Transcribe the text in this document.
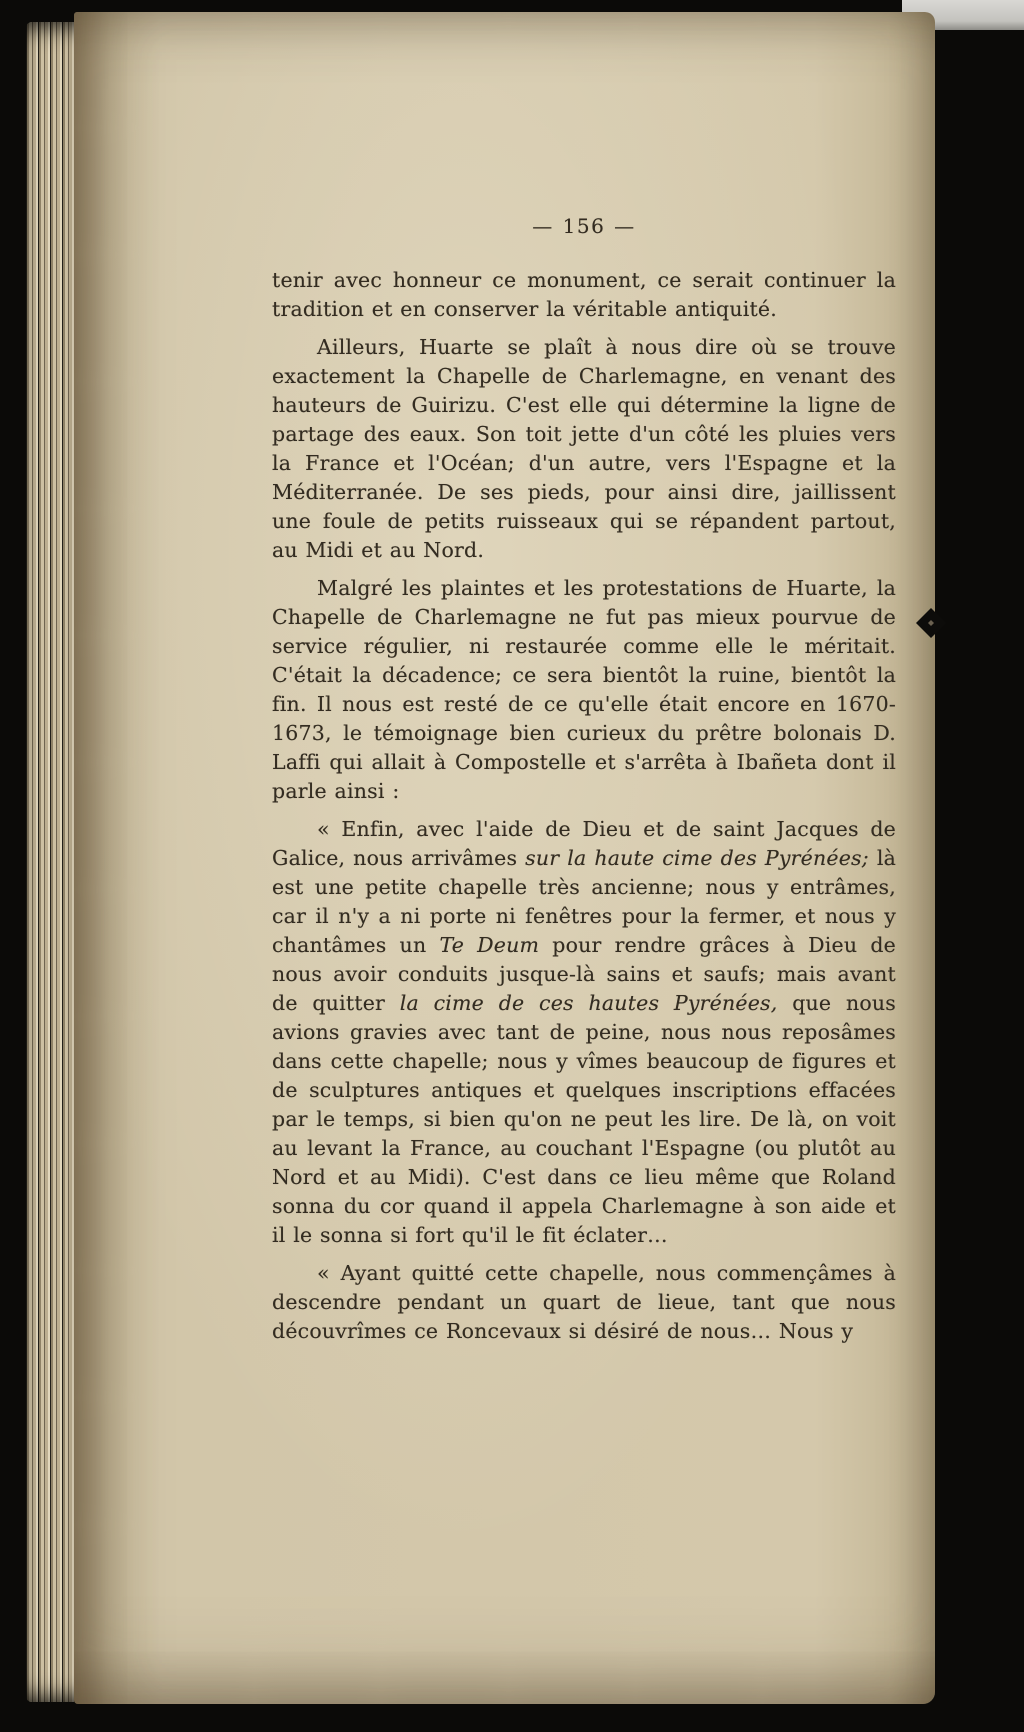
— 156 —

tenir avec honneur ce monument, ce serait continuer la tradition et en conserver la véritable antiquité.

Ailleurs, Huarte se plaît à nous dire où se trouve exactement la Chapelle de Charlemagne, en venant des hauteurs de Guirizu. C'est elle qui détermine la ligne de partage des eaux. Son toit jette d'un côté les pluies vers la France et l'Océan; d'un autre, vers l'Espagne et la Méditerranée. De ses pieds, pour ainsi dire, jaillissent une foule de petits ruisseaux qui se répandent partout, au Midi et au Nord.

Malgré les plaintes et les protestations de Huarte, la Chapelle de Charlemagne ne fut pas mieux pourvue de service régulier, ni restaurée comme elle le méritait. C'était la décadence; ce sera bientôt la ruine, bientôt la fin. Il nous est resté de ce qu'elle était encore en 1670-1673, le témoignage bien curieux du prêtre bolonais D. Laffi qui allait à Compostelle et s'arrêta à Ibañeta dont il parle ainsi :

« Enfin, avec l'aide de Dieu et de saint Jacques de Galice, nous arrivâmes sur la haute cime des Pyrénées; là est une petite chapelle très ancienne; nous y entrâmes, car il n'y a ni porte ni fenêtres pour la fermer, et nous y chantâmes un Te Deum pour rendre grâces à Dieu de nous avoir conduits jusque-là sains et saufs; mais avant de quitter la cime de ces hautes Pyrénées, que nous avions gravies avec tant de peine, nous nous reposâmes dans cette chapelle; nous y vîmes beaucoup de figures et de sculptures antiques et quelques inscriptions effacées par le temps, si bien qu'on ne peut les lire. De là, on voit au levant la France, au couchant l'Espagne (ou plutôt au Nord et au Midi). C'est dans ce lieu même que Roland sonna du cor quand il appela Charlemagne à son aide et il le sonna si fort qu'il le fit éclater…

« Ayant quitté cette chapelle, nous commençâmes à descendre pendant un quart de lieue, tant que nous découvrîmes ce Roncevaux si désiré de nous… Nous y
